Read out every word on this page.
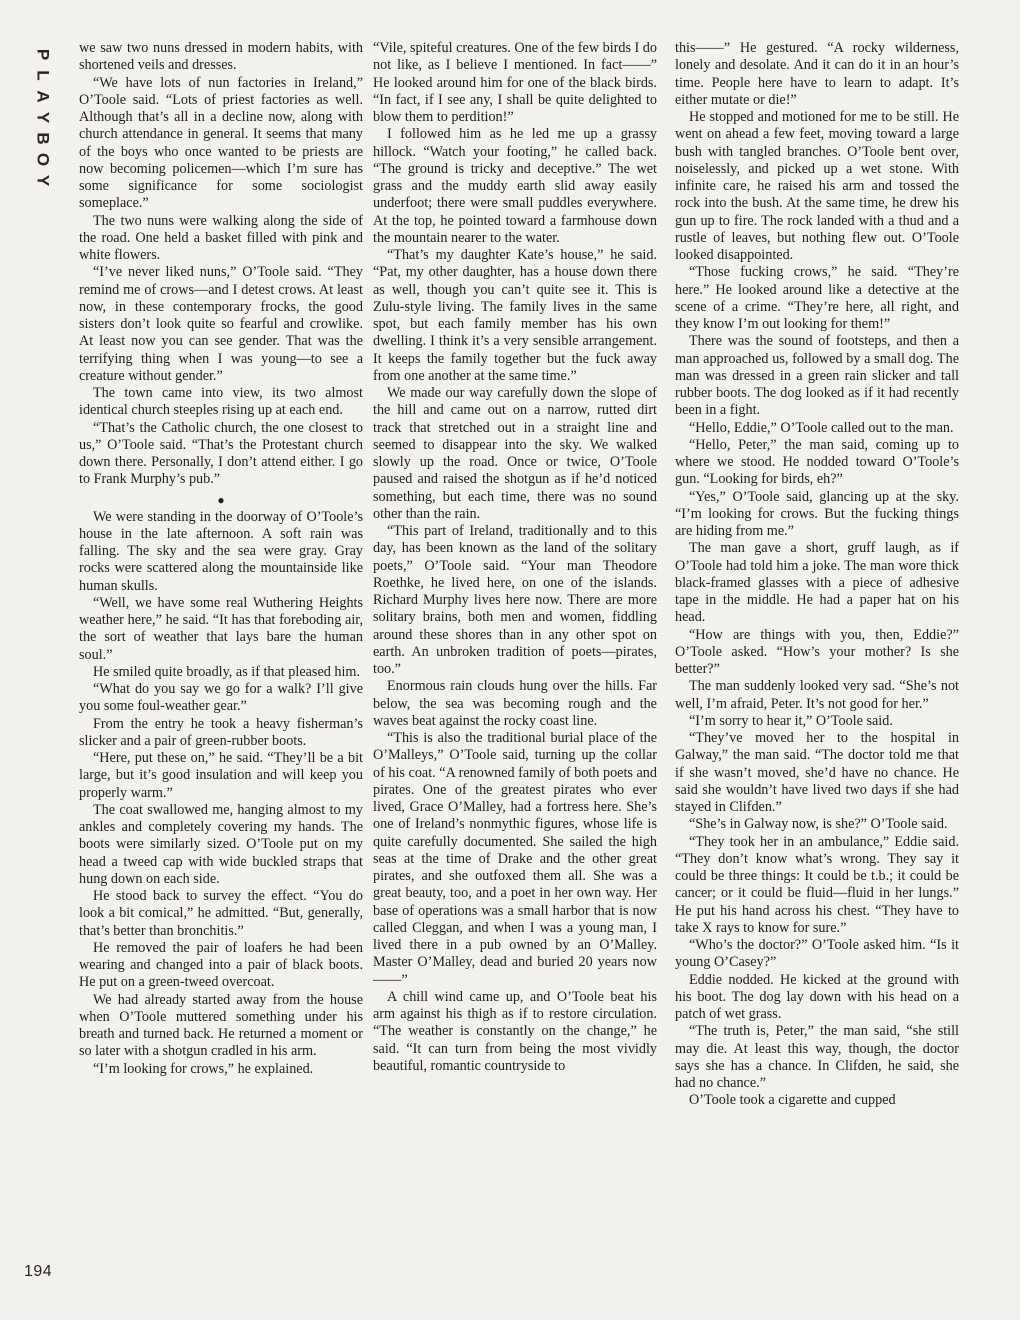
P
L
A
Y
B
O
Y

we saw two nuns dressed in modern habits, with shortened veils and dresses.

“We have lots of nun factories in Ireland,” O’Toole said. “Lots of priest factories as well. Although that’s all in a decline now, along with church attendance in general. It seems that many of the boys who once wanted to be priests are now becoming policemen—which I’m sure has some significance for some sociologist someplace.”

The two nuns were walking along the side of the road. One held a basket filled with pink and white flowers.

“I’ve never liked nuns,” O’Toole said. “They remind me of crows—and I detest crows. At least now, in these contemporary frocks, the good sisters don’t look quite so fearful and crowlike. At least now you can see gender. That was the terrifying thing when I was young—to see a creature without gender.”

The town came into view, its two almost identical church steeples rising up at each end.

“That’s the Catholic church, the one closest to us,” O’Toole said. “That’s the Protestant church down there. Personally, I don’t attend either. I go to Frank Murphy’s pub.”

●

We were standing in the doorway of O’Toole’s house in the late afternoon. A soft rain was falling. The sky and the sea were gray. Gray rocks were scattered along the mountainside like human skulls.

“Well, we have some real Wuthering Heights weather here,” he said. “It has that foreboding air, the sort of weather that lays bare the human soul.”

He smiled quite broadly, as if that pleased him.

“What do you say we go for a walk? I’ll give you some foul-weather gear.”

From the entry he took a heavy fisherman’s slicker and a pair of green-rubber boots.

“Here, put these on,” he said. “They’ll be a bit large, but it’s good insulation and will keep you properly warm.”

The coat swallowed me, hanging almost to my ankles and completely covering my hands. The boots were similarly sized. O’Toole put on my head a tweed cap with wide buckled straps that hung down on each side.

He stood back to survey the effect. “You do look a bit comical,” he admitted. “But, generally, that’s better than bronchitis.”

He removed the pair of loafers he had been wearing and changed into a pair of black boots. He put on a green-tweed overcoat.

We had already started away from the house when O’Toole muttered something under his breath and turned back. He returned a moment or so later with a shotgun cradled in his arm.

“I’m looking for crows,” he explained.

“Vile, spiteful creatures. One of the few birds I do not like, as I believe I mentioned. In fact——” He looked around him for one of the black birds. “In fact, if I see any, I shall be quite delighted to blow them to perdition!”

I followed him as he led me up a grassy hillock. “Watch your footing,” he called back. “The ground is tricky and deceptive.” The wet grass and the muddy earth slid away easily underfoot; there were small puddles everywhere. At the top, he pointed toward a farmhouse down the mountain nearer to the water.

“That’s my daughter Kate’s house,” he said. “Pat, my other daughter, has a house down there as well, though you can’t quite see it. This is Zulu-style living. The family lives in the same spot, but each family member has his own dwelling. I think it’s a very sensible arrangement. It keeps the family together but the fuck away from one another at the same time.”

We made our way carefully down the slope of the hill and came out on a narrow, rutted dirt track that stretched out in a straight line and seemed to disappear into the sky. We walked slowly up the road. Once or twice, O’Toole paused and raised the shotgun as if he’d noticed something, but each time, there was no sound other than the rain.

“This part of Ireland, traditionally and to this day, has been known as the land of the solitary poets,” O’Toole said. “Your man Theodore Roethke, he lived here, on one of the islands. Richard Murphy lives here now. There are more solitary brains, both men and women, fiddling around these shores than in any other spot on earth. An unbroken tradition of poets—pirates, too.”

Enormous rain clouds hung over the hills. Far below, the sea was becoming rough and the waves beat against the rocky coast line.

“This is also the traditional burial place of the O’Malleys,” O’Toole said, turning up the collar of his coat. “A renowned family of both poets and pirates. One of the greatest pirates who ever lived, Grace O’Malley, had a fortress here. She’s one of Ireland’s nonmythic figures, whose life is quite carefully documented. She sailed the high seas at the time of Drake and the other great pirates, and she outfoxed them all. She was a great beauty, too, and a poet in her own way. Her base of operations was a small harbor that is now called Cleggan, and when I was a young man, I lived there in a pub owned by an O’Malley. Master O’Malley, dead and buried 20 years now——”

A chill wind came up, and O’Toole beat his arm against his thigh as if to restore circulation. “The weather is constantly on the change,” he said. “It can turn from being the most vividly beautiful, romantic countryside to

this——” He gestured. “A rocky wilderness, lonely and desolate. And it can do it in an hour’s time. People here have to learn to adapt. It’s either mutate or die!”

He stopped and motioned for me to be still. He went on ahead a few feet, moving toward a large bush with tangled branches. O’Toole bent over, noiselessly, and picked up a wet stone. With infinite care, he raised his arm and tossed the rock into the bush. At the same time, he drew his gun up to fire. The rock landed with a thud and a rustle of leaves, but nothing flew out. O’Toole looked disappointed.

“Those fucking crows,” he said. “They’re here.” He looked around like a detective at the scene of a crime. “They’re here, all right, and they know I’m out looking for them!”

There was the sound of footsteps, and then a man approached us, followed by a small dog. The man was dressed in a green rain slicker and tall rubber boots. The dog looked as if it had recently been in a fight.

“Hello, Eddie,” O’Toole called out to the man.

“Hello, Peter,” the man said, coming up to where we stood. He nodded toward O’Toole’s gun. “Looking for birds, eh?”

“Yes,” O’Toole said, glancing up at the sky. “I’m looking for crows. But the fucking things are hiding from me.”

The man gave a short, gruff laugh, as if O’Toole had told him a joke. The man wore thick black-framed glasses with a piece of adhesive tape in the middle. He had a paper hat on his head.

“How are things with you, then, Eddie?” O’Toole asked. “How’s your mother? Is she better?”

The man suddenly looked very sad. “She’s not well, I’m afraid, Peter. It’s not good for her.”

“I’m sorry to hear it,” O’Toole said.

“They’ve moved her to the hospital in Galway,” the man said. “The doctor told me that if she wasn’t moved, she’d have no chance. He said she wouldn’t have lived two days if she had stayed in Clifden.”

“She’s in Galway now, is she?” O’Toole said.

“They took her in an ambulance,” Eddie said. “They don’t know what’s wrong. They say it could be three things: It could be t.b.; it could be cancer; or it could be fluid—fluid in her lungs.” He put his hand across his chest. “They have to take X rays to know for sure.”

“Who’s the doctor?” O’Toole asked him. “Is it young O’Casey?”

Eddie nodded. He kicked at the ground with his boot. The dog lay down with his head on a patch of wet grass.

“The truth is, Peter,” the man said, “she still may die. At least this way, though, the doctor says she has a chance. In Clifden, he said, she had no chance.”

O’Toole took a cigarette and cupped

194
